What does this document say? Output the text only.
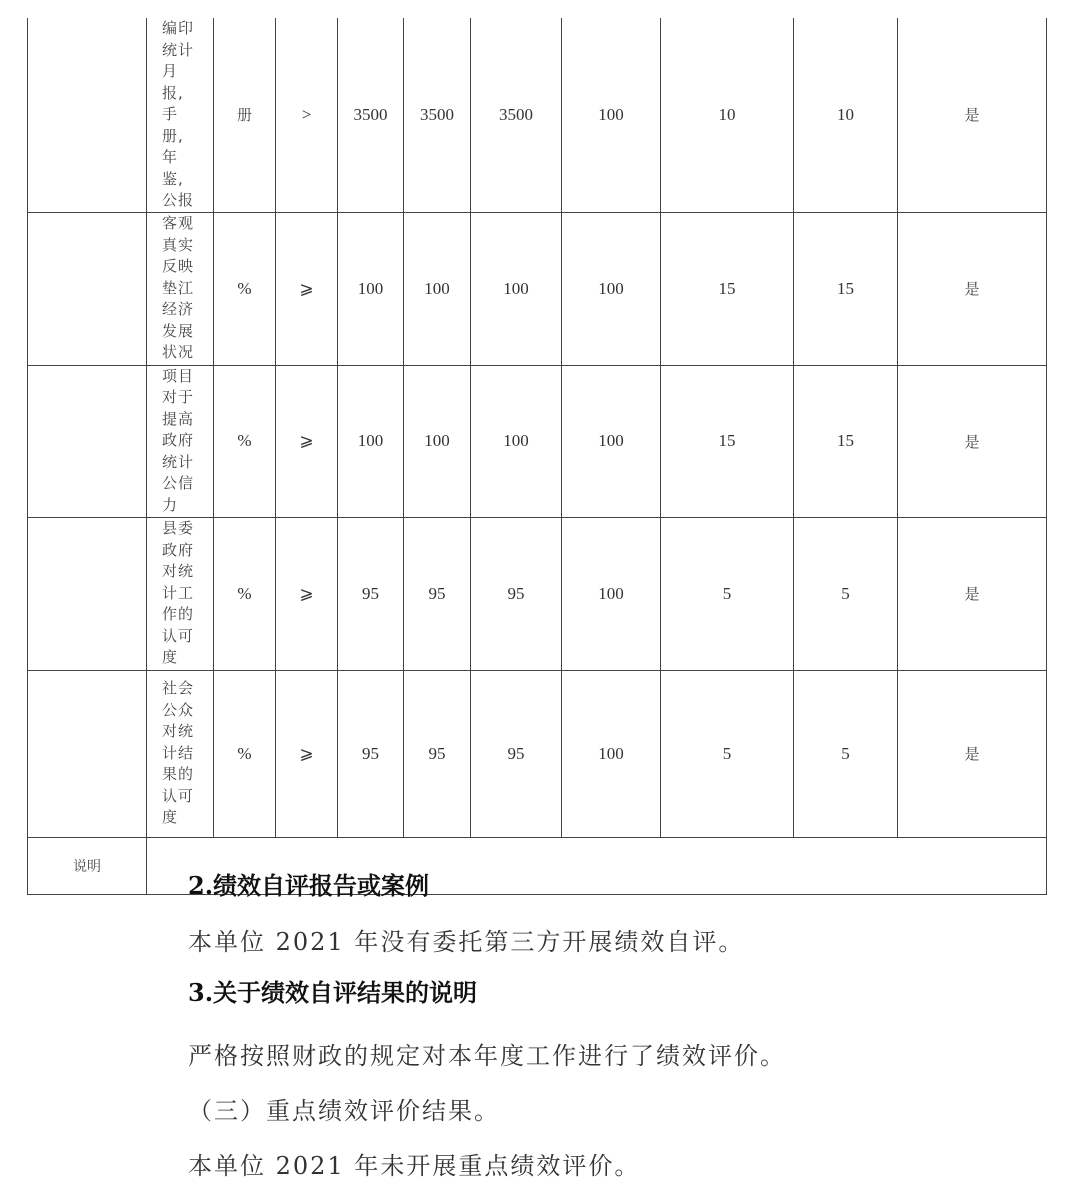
	编印统计月报,手册,年鉴,公报	册	>	3500	3500	3500	100	10	10	是

	客观真实反映垫江经济发展状况	%	⩾	100	100	100	100	15	15	是

	项目对于提高政府统计公信力	%	⩾	100	100	100	100	15	15	是

	县委政府对统计工作的认可度	%	⩾	95	95	95	100	5	5	是

	社会公众对统计结果的认可度	%	⩾	95	95	95	100	5	5	是
说明										
2.绩效自评报告或案例

本单位 2021 年没有委托第三方开展绩效自评。

3.关于绩效自评结果的说明

严格按照财政的规定对本年度工作进行了绩效评价。

（三）重点绩效评价结果。

本单位 2021 年未开展重点绩效评价。
